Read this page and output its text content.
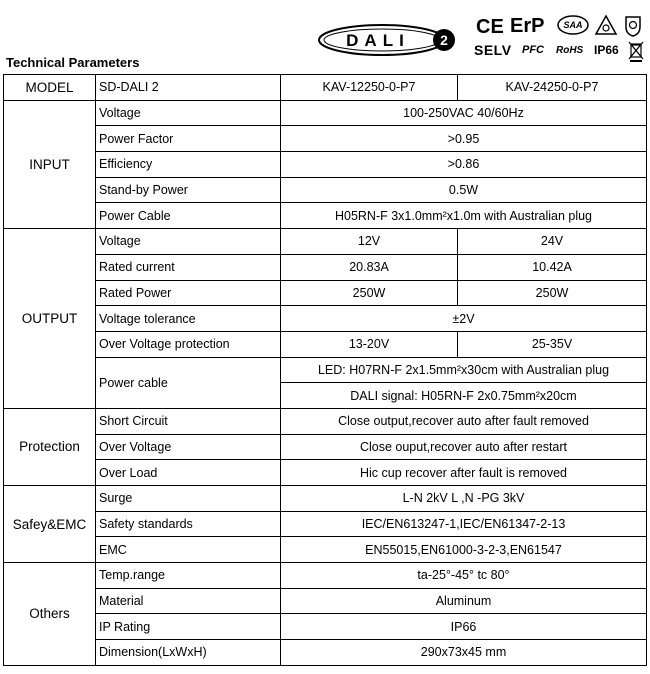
DALI 2
CE ErP SAA
SELV PFC RoHS IP66
Technical Parameters
MODEL	SD-DALI 2	KAV-12250-0-P7	KAV-24250-0-P7
INPUT	Voltage	100-250VAC 40/60Hz	
	Power Factor	>0.95	
	Efficiency	>0.86	
	Stand-by Power	0.5W	
	Power Cable	H05RN-F 3x1.0mm²x1.0m with Australian plug	
OUTPUT	Voltage	12V	24V
	Rated current	20.83A	10.42A
	Rated Power	250W	250W
	Voltage tolerance	±2V	
	Over Voltage protection	13-20V	25-35V
	Power cable	LED: H07RN-F 2x1.5mm²x30cm with Australian plug	
		DALI signal: H05RN-F 2x0.75mm²x20cm	
Protection	Short Circuit	Close output,recover auto after fault removed	
	Over Voltage	Close ouput,recover auto after restart	
	Over Load	Hic cup recover after fault is removed	
Safey&EMC	Surge	L-N 2kV L ,N -PG 3kV	
	Safety standards	IEC/EN613247-1,IEC/EN61347-2-13	
	EMC	EN55015,EN61000-3-2-3,EN61547	
Others	Temp.range	ta-25°-45° tc 80°	
	Material	Aluminum	
	IP Rating	IP66	
	Dimension(LxWxH)	290x73x45 mm	
